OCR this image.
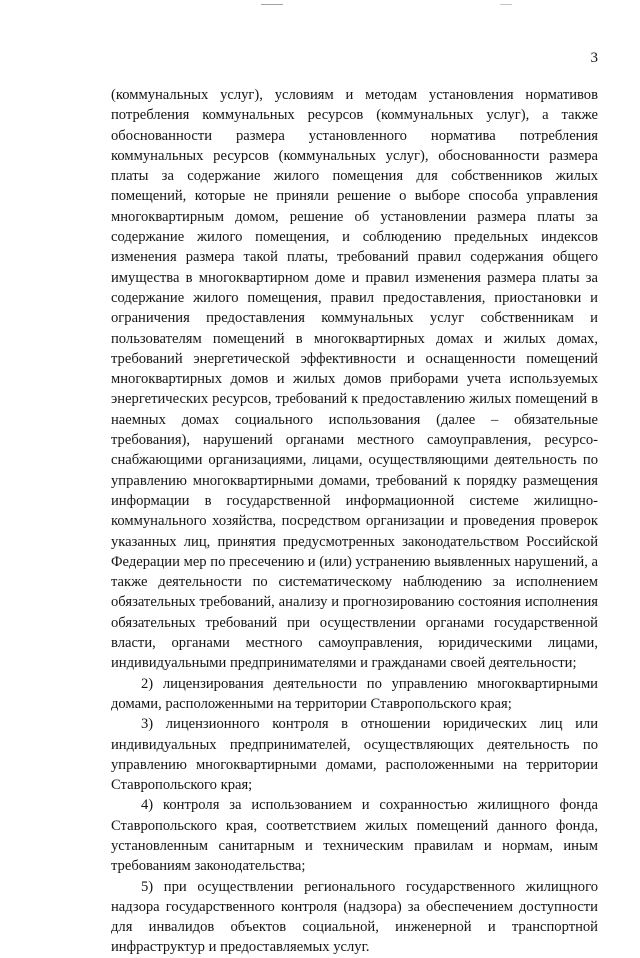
3

(коммунальных услуг), условиям и методам установления нормативов потребления коммунальных ресурсов (коммунальных услуг), а также обоснованности размера установленного норматива потребления коммунальных ресурсов (коммунальных услуг), обоснованности размера платы за содержание жилого помещения для собственников жилых помещений, которые не приняли решение о выборе способа управления многоквартирным домом, решение об установлении размера платы за содержание жилого помещения, и соблюдению предельных индексов изменения размера такой платы, требований правил содержания общего имущества в многоквартирном доме и правил изменения размера платы за содержание жилого помещения, правил предоставления, приостановки и ограничения предоставления коммунальных услуг собственникам и пользователям помещений в многоквартирных домах и жилых домах, требований энергетической эффективности и оснащенности помещений многоквартирных домов и жилых домов приборами учета используемых энергетических ресурсов, требований к предоставлению жилых помещений в наемных домах социального использования (далее – обязательные требования), нарушений органами местного самоуправления, ресурсо-снабжающими организациями, лицами, осуществляющими деятельность по управлению многоквартирными домами, требований к порядку размещения информации в государственной информационной системе жилищно-коммунального хозяйства, посредством организации и проведения проверок указанных лиц, принятия предусмотренных законодательством Российской Федерации мер по пресечению и (или) устранению выявленных нарушений, а также деятельности по систематическому наблюдению за исполнением обязательных требований, анализу и прогнозированию состояния исполнения обязательных требований при осуществлении органами государственной власти, органами местного самоуправления, юридическими лицами, индивидуальными предпринимателями и гражданами своей деятельности;

2) лицензирования деятельности по управлению многоквартирными домами, расположенными на территории Ставропольского края;

3) лицензионного контроля в отношении юридических лиц или индивидуальных предпринимателей, осуществляющих деятельность по управлению многоквартирными домами, расположенными на территории Ставропольского края;

4) контроля за использованием и сохранностью жилищного фонда Ставропольского края, соответствием жилых помещений данного фонда, установленным санитарным и техническим правилам и нормам, иным требованиям законодательства;

5) при осуществлении регионального государственного жилищного надзора государственного контроля (надзора) за обеспечением доступности для инвалидов объектов социальной, инженерной и транспортной инфраструктур и предоставляемых услуг.
